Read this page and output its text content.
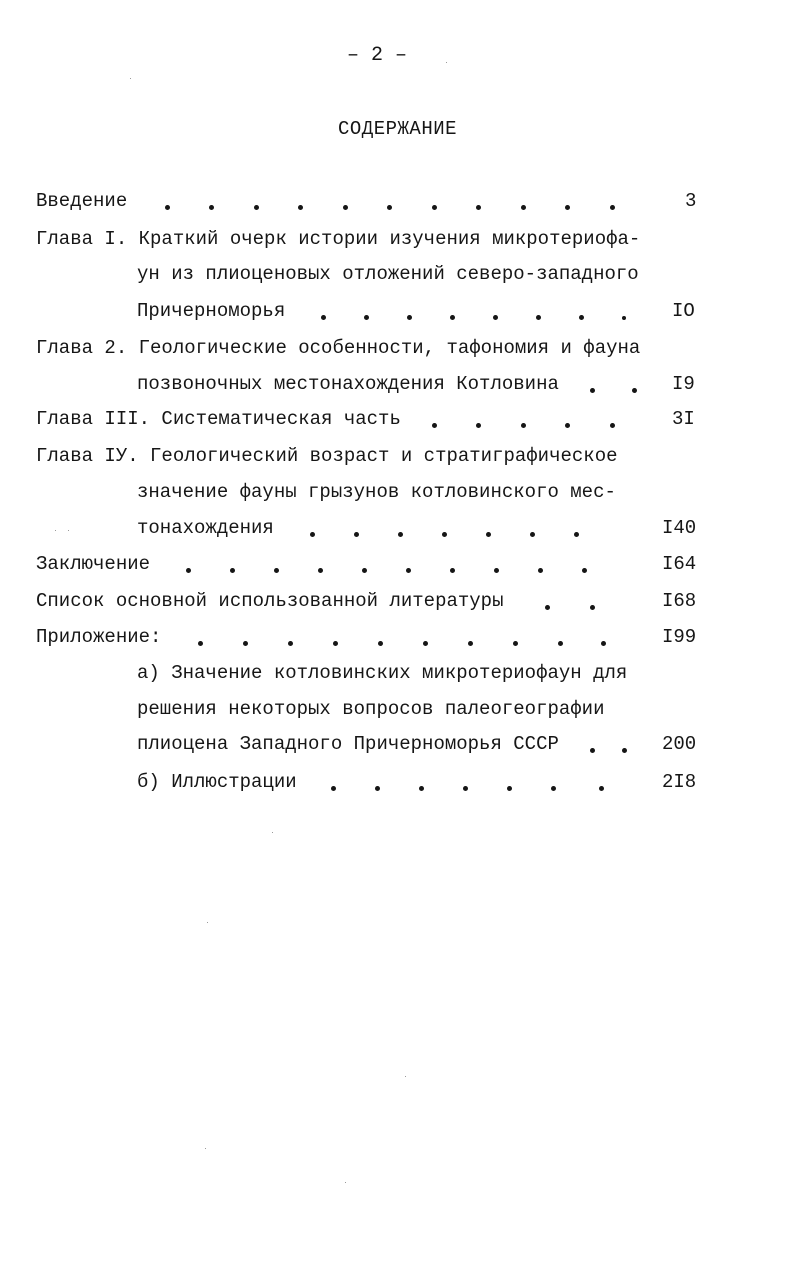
– 2 –
СОДЕРЖАНИЕ
Введение	3
Глава I. Краткий очерк истории изучения микротериофа-
ун из плиоценовых отложений северо-западного
Причерноморья	IO
Глава 2. Геологические особенности, тафономия и фауна
позвоночных местонахождения Котловина	I9
Глава III. Систематическая часть	3I
Глава IУ. Геологический возраст и стратиграфическое
значение фауны грызунов котловинского мес-
тонахождения	I40
Заключение	I64
Список основной использованной литературы	I68
Приложение:	I99
а) Значение котловинских микротериофаун для
решения некоторых вопросов палеогеографии
плиоцена Западного Причерноморья СССР	200
б) Иллюстрации	2I8
